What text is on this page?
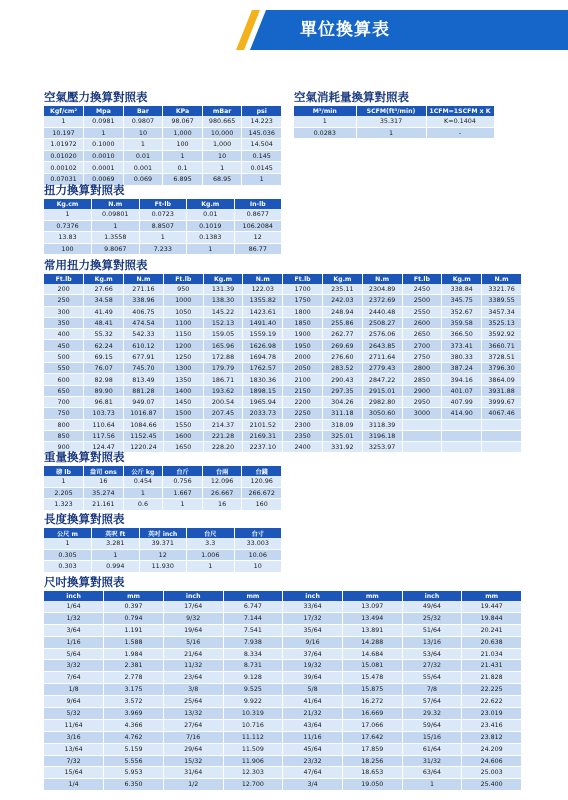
單位換算表
空氣壓力換算對照表
Kgf/cm²	Mpa	Bar	KPa	mBar	psi
1	0.0981	0.9807	98.067	980.665	14.223
10.197	1	10	1,000	10,000	145.036
1.01972	0.1000	1	100	1,000	14.504
0.01020	0.0010	0.01	1	10	0.145
0.00102	0.0001	0.001	0.1	1	0.0145
0.07031	0.0069	0.069	6.895	68.95	1
空氣消耗量換算對照表
M³/min	SCFM(ft³/min)	1CFM=1SCFM x K
1	35.317	K=0.1404
0.0283	1	-
扭力換算對照表
Kg.cm	N.m	Ft-lb	Kg.m	In-lb
1	0.09801	0.0723	0.01	0.8677
0.7376	1	8.8507	0.1019	106.2084
13.83	1.3558	1	0.1383	12
100	9.8067	7.233	1	86.77
常用扭力換算對照表
Ft.lb	Kg.m	N.m	Ft.lb	Kg.m	N.m	Ft.lb	Kg.m	N.m	Ft.lb	Kg.m	N.m
200	27.66	271.16	950	131.39	122.03	1700	235.11	2304.89	2450	338.84	3321.76
250	34.58	338.96	1000	138.30	1355.82	1750	242.03	2372.69	2500	345.75	3389.55
300	41.49	406.75	1050	145.22	1423.61	1800	248.94	2440.48	2550	352.67	3457.34
350	48.41	474.54	1100	152.13	1491.40	1850	255.86	2508.27	2600	359.58	3525.13
400	55.32	542.33	1150	159.05	1559.19	1900	262.77	2576.06	2650	366.50	3592.92
450	62.24	610.12	1200	165.96	1626.98	1950	269.69	2643.85	2700	373.41	3660.71
500	69.15	677.91	1250	172.88	1694.78	2000	276.60	2711.64	2750	380.33	3728.51
550	76.07	745.70	1300	179.79	1762.57	2050	283.52	2779.43	2800	387.24	3796.30
600	82.98	813.49	1350	186.71	1830.36	2100	290.43	2847.22	2850	394.16	3864.09
650	89.90	881.28	1400	193.62	1898.15	2150	297.35	2915.01	2900	401.07	3931.88
700	96.81	949.07	1450	200.54	1965.94	2200	304.26	2982.80	2950	407.99	3999.67
750	103.73	1016.87	1500	207.45	2033.73	2250	311.18	3050.60	3000	414.90	4067.46
800	110.64	1084.66	1550	214.37	2101.52	2300	318.09	3118.39			
850	117.56	1152.45	1600	221.28	2169.31	2350	325.01	3196.18			
900	124.47	1220.24	1650	228.20	2237.10	2400	331.92	3253.97			
重量換算對照表
磅 lb	盎司 ons	公斤 kg	台斤	台兩	台錢
1	16	0.454	0.756	12.096	120.96
2.205	35.274	1	1.667	26.667	266.672
1.323	21.161	0.6	1	16	160
長度換算對照表
公尺 m	英呎 ft	英吋 inch	台尺	台寸
1	3.281	39.371	3.3	33.003
0.305	1	12	1.006	10.06
0.303	0.994	11.930	1	10
尺吋換算對照表
inch	mm	inch	mm	inch	mm	inch	mm
1/64	0.397	17/64	6.747	33/64	13.097	49/64	19.447
1/32	0.794	9/32	7.144	17/32	13.494	25/32	19.844
3/64	1.191	19/64	7.541	35/64	13.891	51/64	20.241
1/16	1.588	5/16	7.938	9/16	14.288	13/16	20.638
5/64	1.984	21/64	8.334	37/64	14.684	53/64	21.034
3/32	2.381	11/32	8.731	19/32	15.081	27/32	21.431
7/64	2.778	23/64	9.128	39/64	15.478	55/64	21.828
1/8	3.175	3/8	9.525	5/8	15.875	7/8	22.225
9/64	3.572	25/64	9.922	41/64	16.272	57/64	22.622
5/32	3.969	13/32	10.319	21/32	16.669	29.32	23.019
11/64	4.366	27/64	10.716	43/64	17.066	59/64	23.416
3/16	4.762	7/16	11.112	11/16	17.642	15/16	23.812
13/64	5.159	29/64	11.509	45/64	17.859	61/64	24.209
7/32	5.556	15/32	11.906	23/32	18.256	31/32	24.606
15/64	5.953	31/64	12.303	47/64	18.653	63/64	25.003
1/4	6.350	1/2	12.700	3/4	19.050	1	25.400
